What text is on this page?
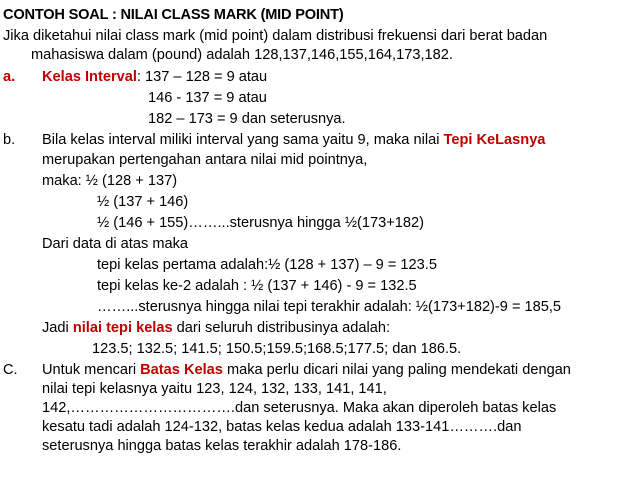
CONTOH SOAL : NILAI CLASS MARK (MID POINT)
Jika diketahui nilai class mark (mid point) dalam distribusi frekuensi dari berat badan
mahasiswa dalam (pound) adalah 128,137,146,155,164,173,182.
a. Kelas Interval: 137 – 128 = 9 atau
146 - 137 = 9 atau
182 – 173 = 9 dan seterusnya.
b. Bila kelas interval miliki interval yang sama yaitu 9, maka nilai Tepi KeLasnya
merupakan pertengahan antara nilai mid pointnya,
maka: ½ (128 + 137)
½ (137 + 146)
½ (146 + 155)……...sterusnya hingga ½(173+182)
Dari data di atas maka
tepi kelas pertama adalah:½ (128 + 137) – 9 = 123.5
tepi kelas ke-2 adalah : ½ (137 + 146) - 9 = 132.5
……...sterusnya hingga nilai tepi terakhir adalah: ½(173+182)-9 = 185,5
Jadi nilai tepi kelas dari seluruh distribusinya adalah:
123.5; 132.5; 141.5; 150.5;159.5;168.5;177.5; dan 186.5.
C. Untuk mencari Batas Kelas maka perlu dicari nilai yang paling mendekati dengan
nilai tepi kelasnya yaitu 123, 124, 132, 133, 141, 141,
142,…………………………….dan seterusnya. Maka akan diperoleh batas kelas
kesatu tadi adalah 124-132, batas kelas kedua adalah 133-141……….dan
seterusnya hingga batas kelas terakhir adalah 178-186.
